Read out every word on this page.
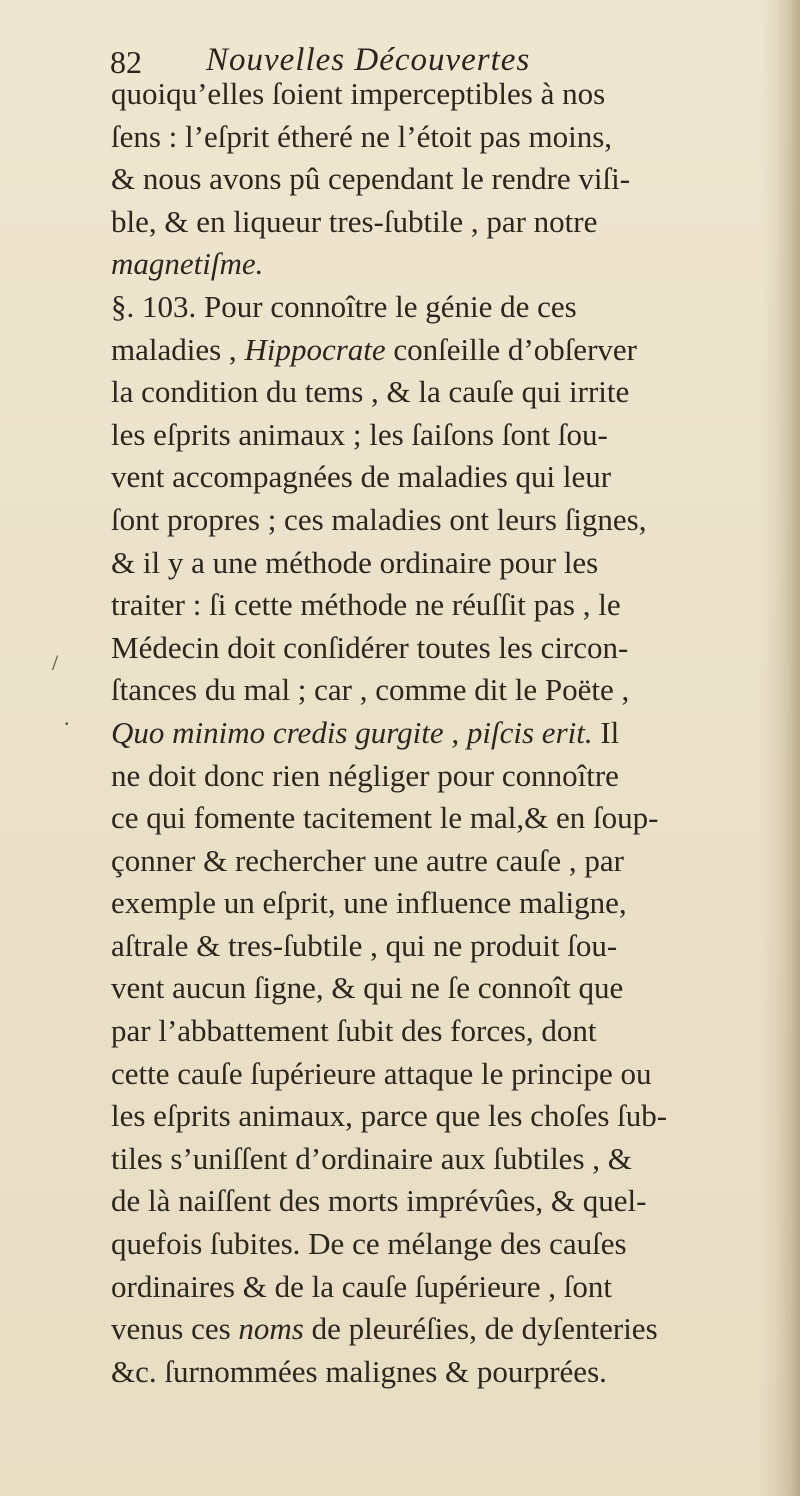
82 Nouvelles Découvertes
/
.
quoiqu’elles ſoient imperceptibles à nos
ſens : l’eſprit étheré ne l’étoit pas moins,
& nous avons pû cependant le rendre viſi-
ble, & en liqueur tres-ſubtile , par notre
magnetiſme.
§. 103. Pour connoître le génie de ces
maladies , Hippocrate conſeille d’obſerver
la condition du tems , & la cauſe qui irrite
les eſprits animaux ; les ſaiſons ſont ſou-
vent accompagnées de maladies qui leur
ſont propres ; ces maladies ont leurs ſignes,
& il y a une méthode ordinaire pour les
traiter : ſi cette méthode ne réuſſit pas , le
Médecin doit conſidérer toutes les circon-
ſtances du mal ; car , comme dit le Poëte ,
Quo minimo credis gurgite , piſcis erit. Il
ne doit donc rien négliger pour connoître
ce qui fomente tacitement le mal,& en ſoup-
çonner & rechercher une autre cauſe , par
exemple un eſprit, une influence maligne,
aſtrale & tres-ſubtile , qui ne produit ſou-
vent aucun ſigne, & qui ne ſe connoît que
par l’abbattement ſubit des forces, dont
cette cauſe ſupérieure attaque le principe ou
les eſprits animaux, parce que les choſes ſub-
tiles s’uniſſent d’ordinaire aux ſubtiles , &
de là naiſſent des morts imprévûes, & quel-
quefois ſubites. De ce mélange des cauſes
ordinaires & de la cauſe ſupérieure , ſont
venus ces noms de pleuréſies, de dyſenteries
&c. ſurnommées malignes & pourprées.
